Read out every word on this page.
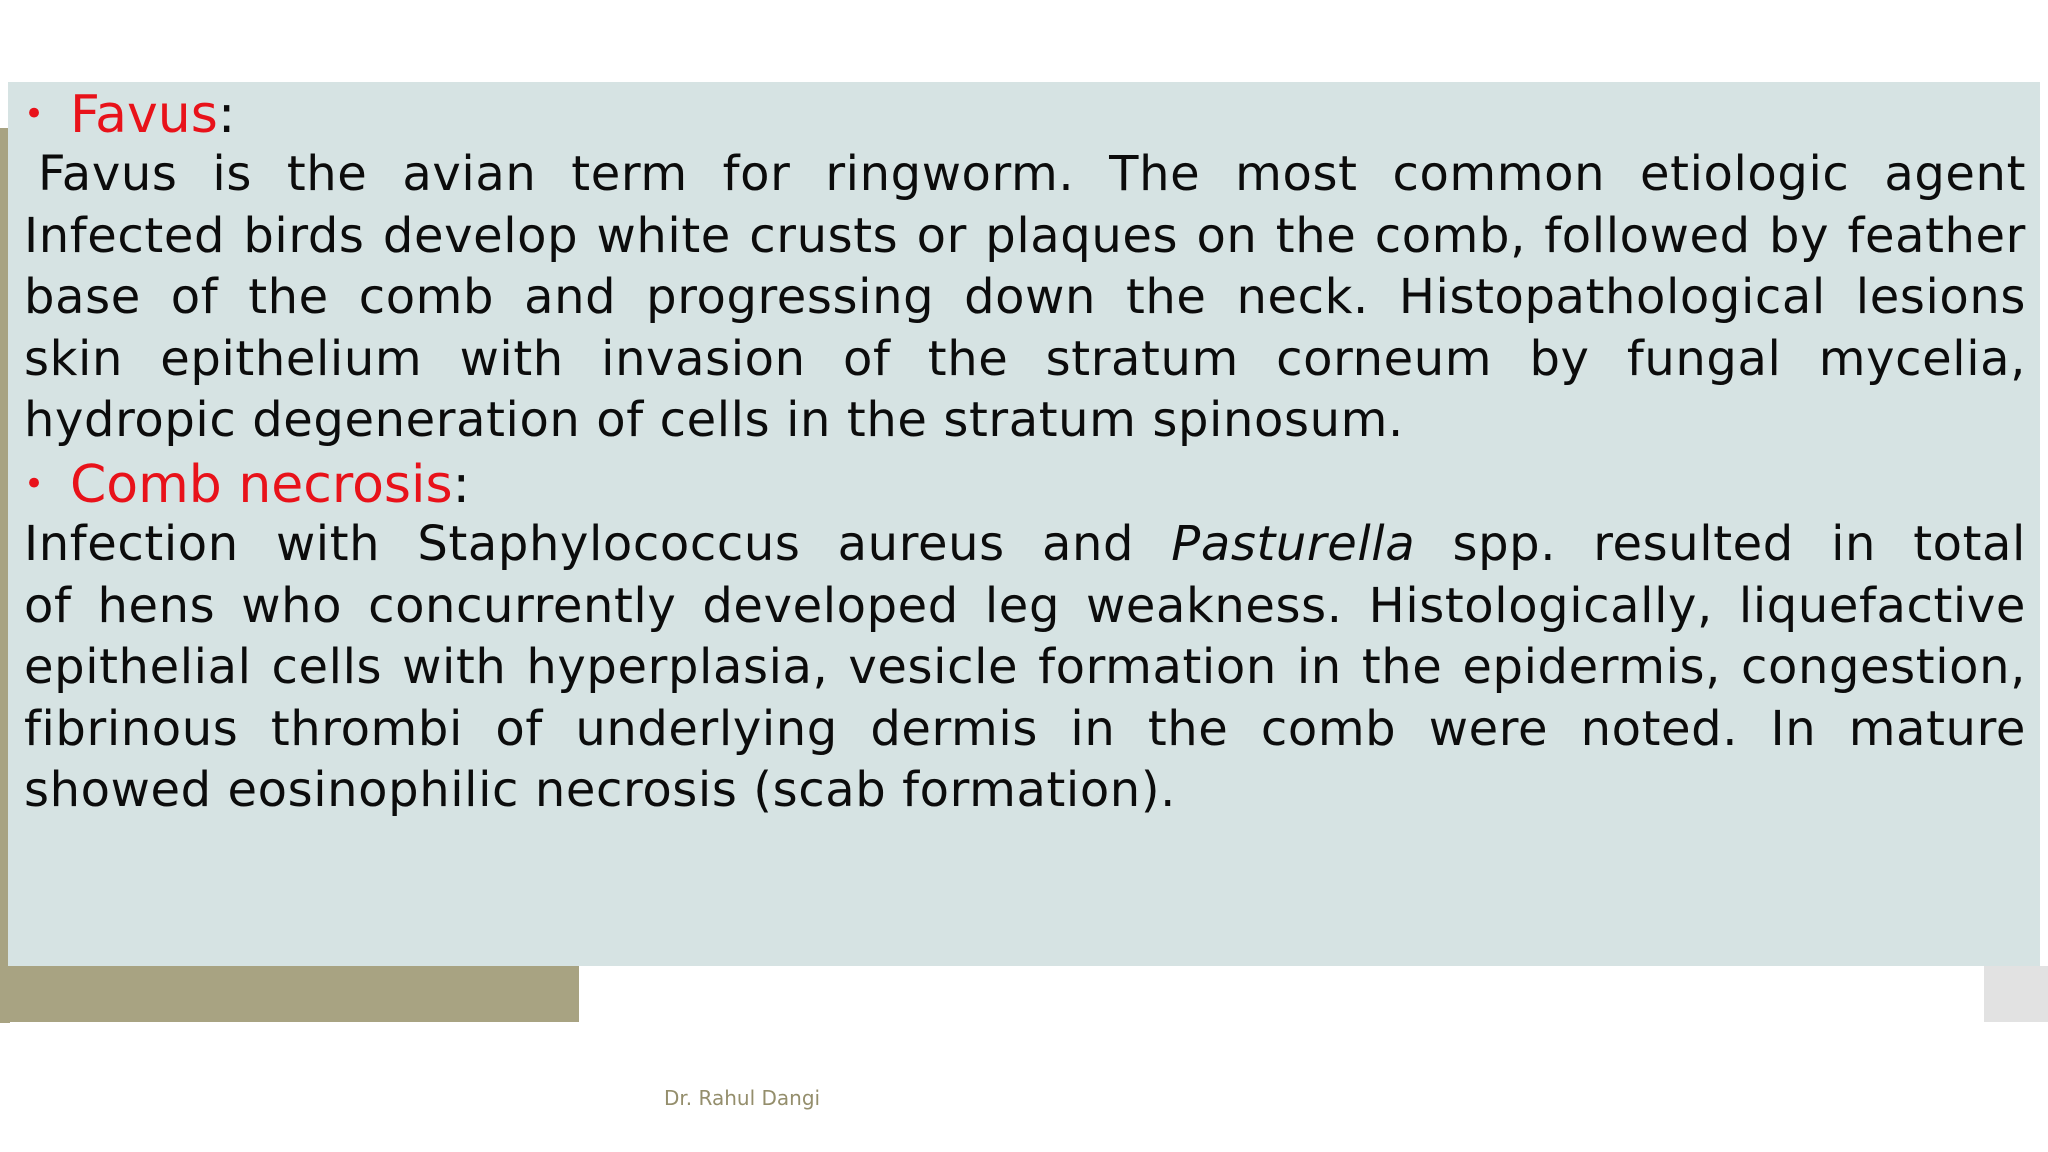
• Favus:
Favus is the avian term for ringworm. The most common etiologic agent
Infected birds develop white crusts or plaques on the comb, followed by feather
base of the comb and progressing down the neck. Histopathological lesions
skin epithelium with invasion of the stratum corneum by fungal mycelia,
hydropic degeneration of cells in the stratum spinosum.
• Comb necrosis:
Infection with Staphylococcus aureus and Pasturella spp. resulted in total
of hens who concurrently developed leg weakness. Histologically, liquefactive
epithelial cells with hyperplasia, vesicle formation in the epidermis, congestion,
fibrinous thrombi of underlying dermis in the comb were noted. In mature
showed eosinophilic necrosis (scab formation).
Dr. Rahul Dangi
